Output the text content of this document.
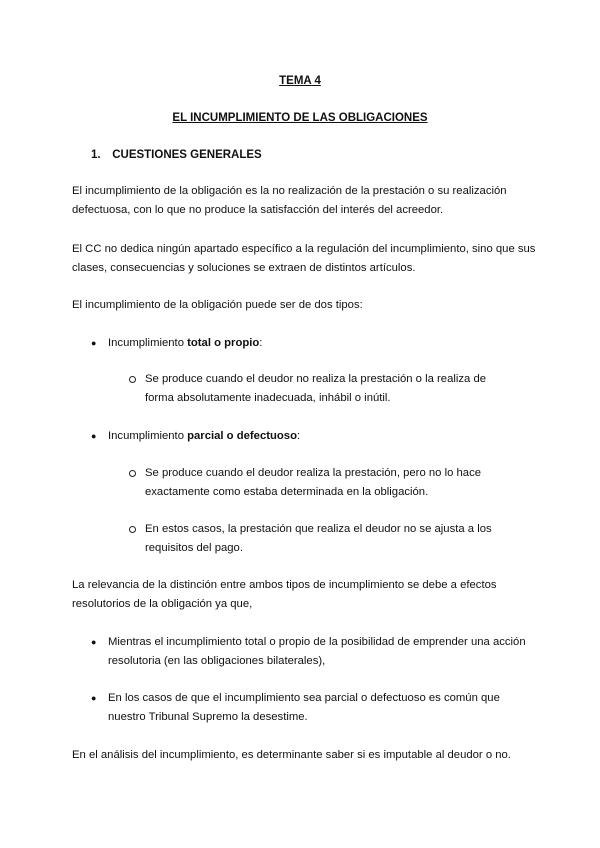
TEMA 4
EL INCUMPLIMIENTO DE LAS OBLIGACIONES
1. CUESTIONES GENERALES

El incumplimiento de la obligación es la no realización de la prestación o su realización defectuosa, con lo que no produce la satisfacción del interés del acreedor.

El CC no dedica ningún apartado específico a la regulación del incumplimiento, sino que sus clases, consecuencias y soluciones se extraen de distintos artículos.

El incumplimiento de la obligación puede ser de dos tipos:

● Incumplimiento total o propio:

Se produce cuando el deudor no realiza la prestación o la realiza de forma absolutamente inadecuada, inhábil o inútil.

● Incumplimiento parcial o defectuoso:

Se produce cuando el deudor realiza la prestación, pero no lo hace exactamente como estaba determinada en la obligación.

En estos casos, la prestación que realiza el deudor no se ajusta a los requisitos del pago.

La relevancia de la distinción entre ambos tipos de incumplimiento se debe a efectos resolutorios de la obligación ya que,

● Mientras el incumplimiento total o propio de la posibilidad de emprender una acción resolutoria (en las obligaciones bilaterales),

● En los casos de que el incumplimiento sea parcial o defectuoso es común que nuestro Tribunal Supremo la desestime.

En el análisis del incumplimiento, es determinante saber si es imputable al deudor o no.
